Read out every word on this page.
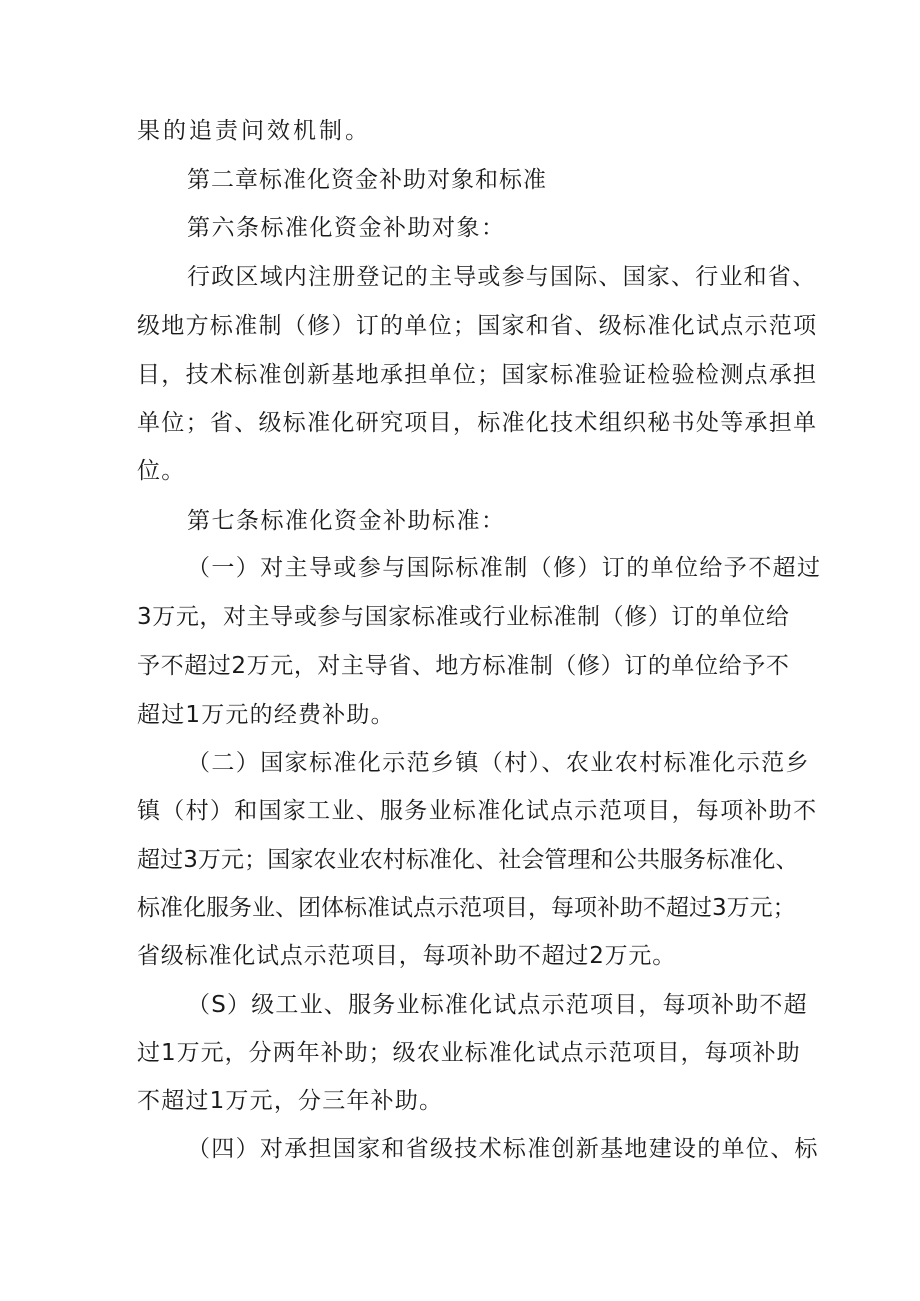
果的追责问效机制。

第二章标准化资金补助对象和标准

第六条标准化资金补助对象：

行政区域内注册登记的主导或参与国际、国家、行业和省、

级地方标准制（修）订的单位；国家和省、级标准化试点示范项

目，技术标准创新基地承担单位；国家标准验证检验检测点承担

单位；省、级标准化研究项目，标准化技术组织秘书处等承担单

位。

第七条标准化资金补助标准：

（一）对主导或参与国际标准制（修）订的单位给予不超过

3万元，对主导或参与国家标准或行业标准制（修）订的单位给

予不超过2万元，对主导省、地方标准制（修）订的单位给予不

超过1万元的经费补助。

（二）国家标准化示范乡镇（村）、农业农村标准化示范乡

镇（村）和国家工业、服务业标准化试点示范项目，每项补助不

超过3万元；国家农业农村标准化、社会管理和公共服务标准化、

标准化服务业、团体标准试点示范项目，每项补助不超过3万元；

省级标准化试点示范项目，每项补助不超过2万元。

（S）级工业、服务业标准化试点示范项目，每项补助不超

过1万元，分两年补助；级农业标准化试点示范项目，每项补助

不超过1万元，分三年补助。

（四）对承担国家和省级技术标准创新基地建设的单位、标
